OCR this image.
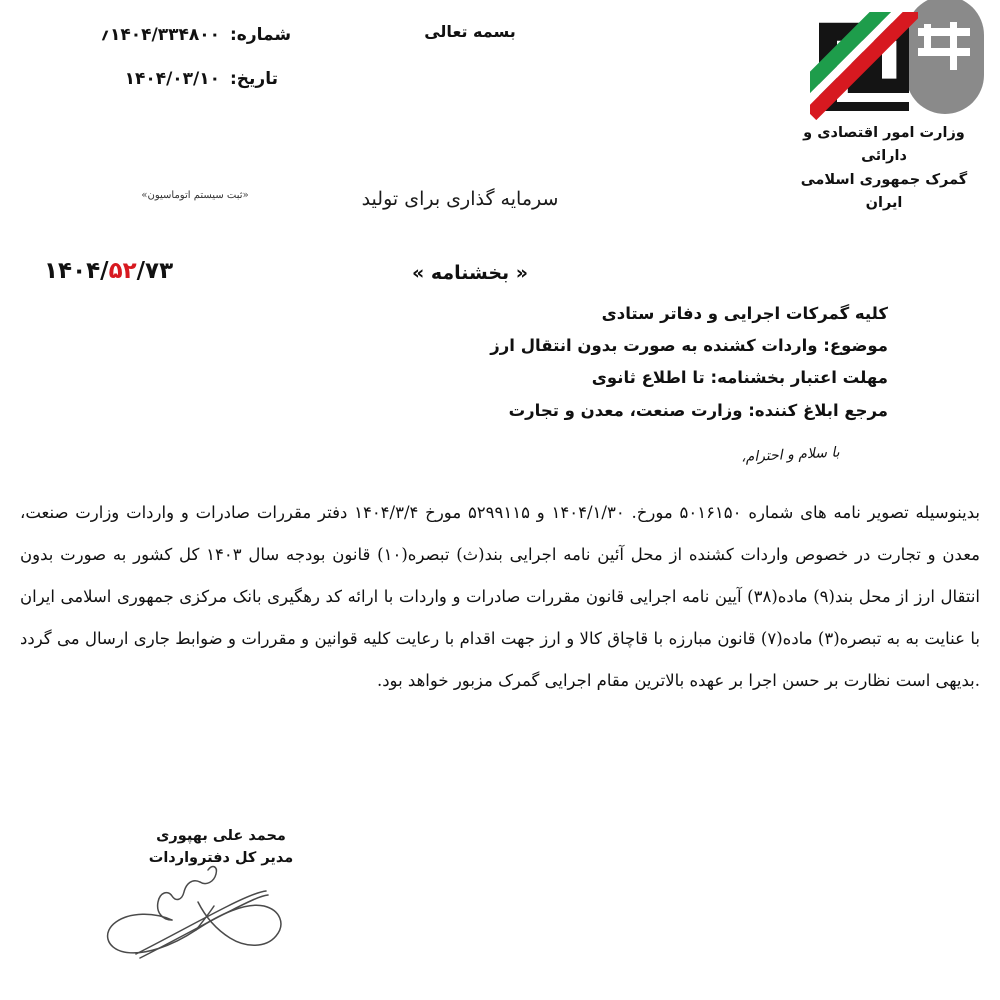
شماره:
۱۴۰۴/۳۳۴۸۰۰؍
تاریخ:
۱۴۰۴/۰۳/۱۰
بسمه تعالی
وزارت امور اقتصادی و دارائی
گمرک جمهوری اسلامی ایران
«ثبت سیستم اتوماسیون»	سرمایه گذاری برای تولید
« بخشنامه »
۱۴۰۴/۵۲/۷۳
کلیه گمرکات اجرایی و دفاتر ستادی
موضوع: واردات کشنده به صورت بدون انتقال ارز
مهلت اعتبار بخشنامه: تا اطلاع ثانوی
مرجع ابلاغ کننده: وزارت صنعت، معدن و تجارت
با سلام و احترام،
بدینوسیله تصویر نامه های شماره ۵۰۱۶۱۵۰ مورخ. ۱۴۰۴/۱/۳۰ و ۵۲۹۹۱۱۵ مورخ ۱۴۰۴/۳/۴ دفتر مقررات صادرات و واردات وزارت صنعت، معدن و تجارت در خصوص واردات کشنده از محل آئین نامه اجرایی بند(ث) تبصره(۱۰) قانون بودجه سال ۱۴۰۳ کل کشور به صورت بدون انتقال ارز از محل بند(۹) ماده(۳۸) آیین نامه اجرایی قانون مقررات صادرات و واردات با ارائه کد رهگیری بانک مرکزی جمهوری اسلامی ایران با عنایت به به تبصره(۳) ماده(۷) قانون مبارزه با قاچاق کالا و ارز جهت اقدام با رعایت کلیه قوانین و مقررات و ضوابط جاری ارسال می گردد .بدیهی است نظارت بر حسن اجرا بر عهده بالاترین مقام اجرایی گمرک مزبور خواهد بود.
محمد علی بهپوری
مدیر کل دفترواردات
